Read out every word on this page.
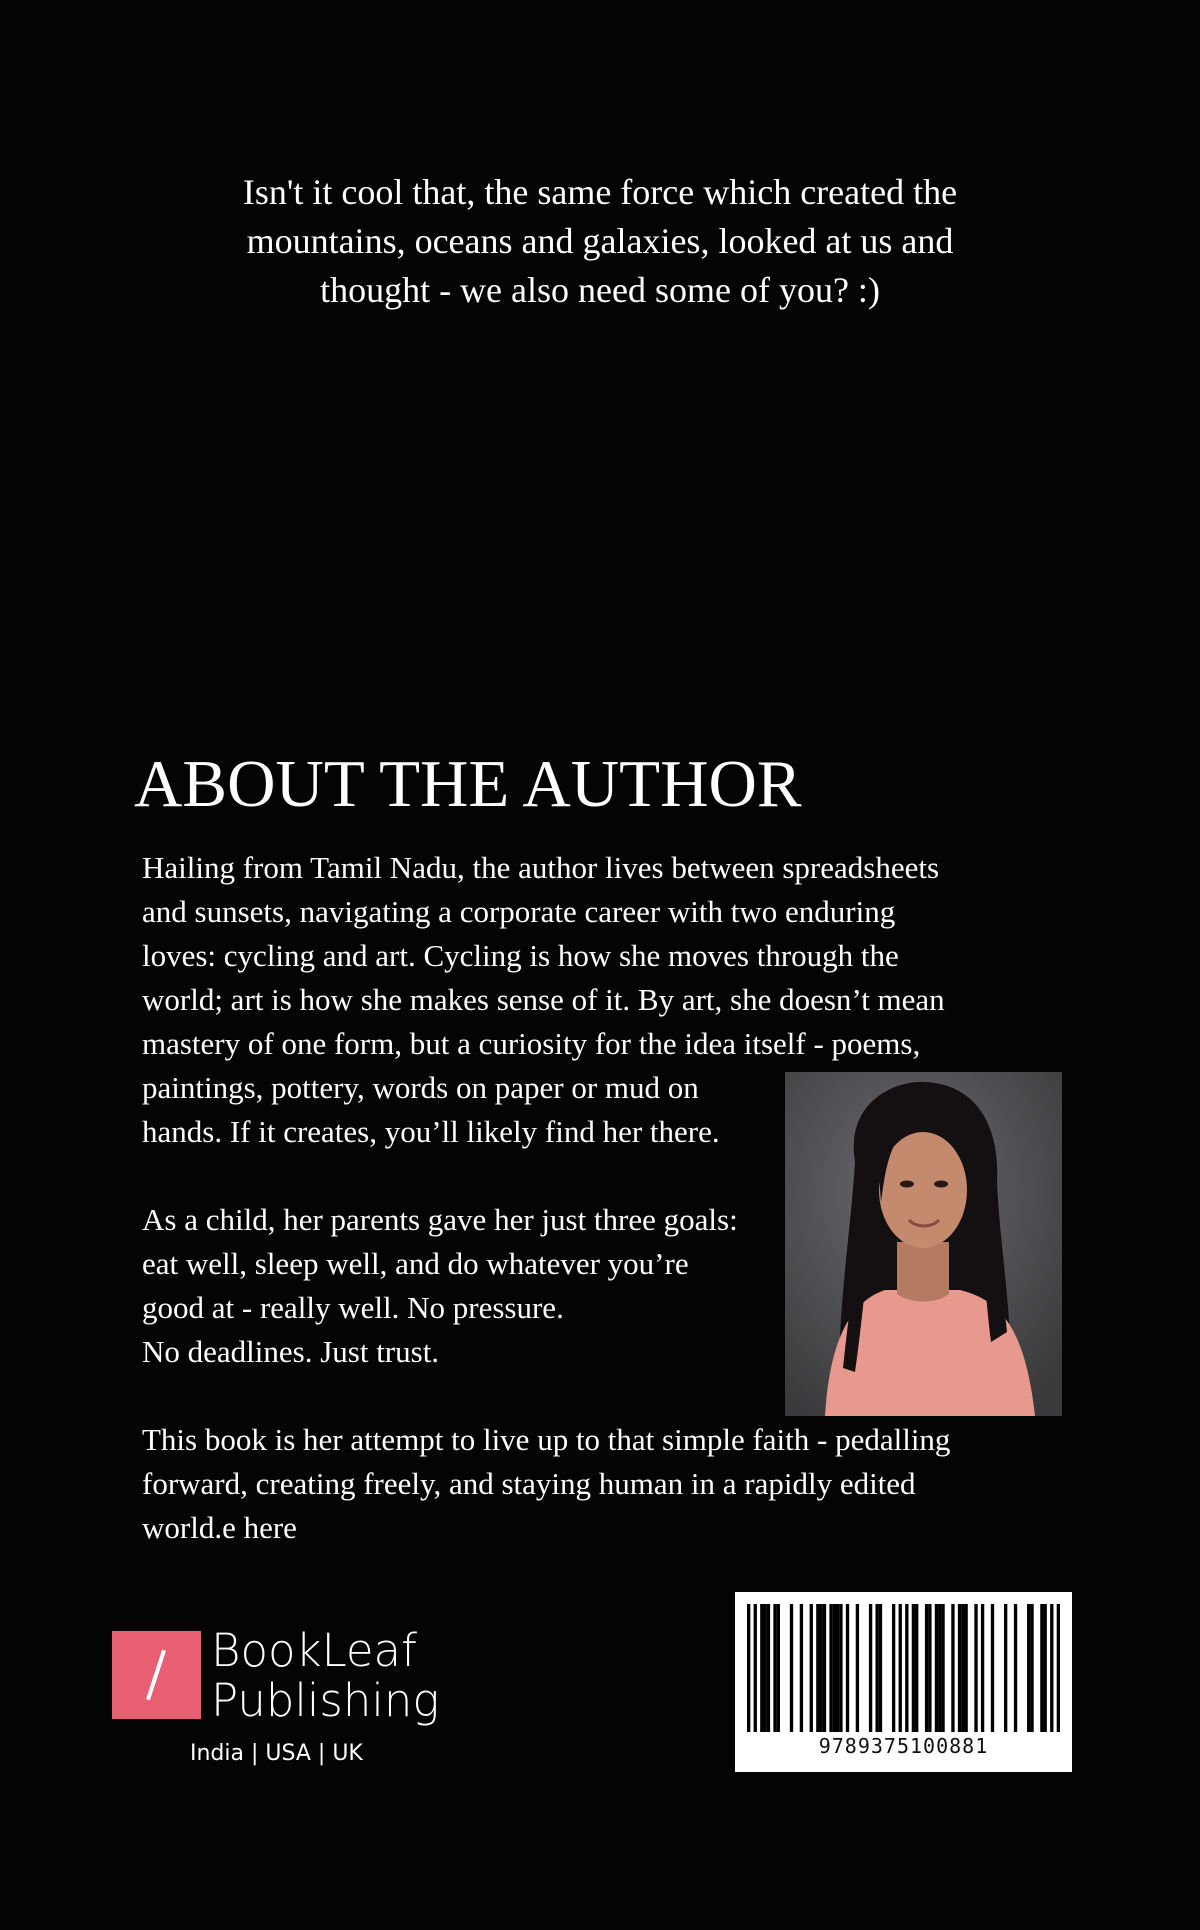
Isn't it cool that, the same force which created the
mountains, oceans and galaxies, looked at us and
thought - we also need some of you? :)
ABOUT THE AUTHOR
Hailing from Tamil Nadu, the author lives between spreadsheets
and sunsets, navigating a corporate career with two enduring
loves: cycling and art. Cycling is how she moves through the
world; art is how she makes sense of it. By art, she doesn’t mean
mastery of one form, but a curiosity for the idea itself - poems,
paintings, pottery, words on paper or mud on
hands. If it creates, you’ll likely find her there.
As a child, her parents gave her just three goals:
eat well, sleep well, and do whatever you’re
good at - really well. No pressure.
No deadlines. Just trust.
This book is her attempt to live up to that simple faith - pedalling
forward, creating freely, and staying human in a rapidly edited
world.e here
BookLeaf
Publishing
India | USA | UK	9789375100881
